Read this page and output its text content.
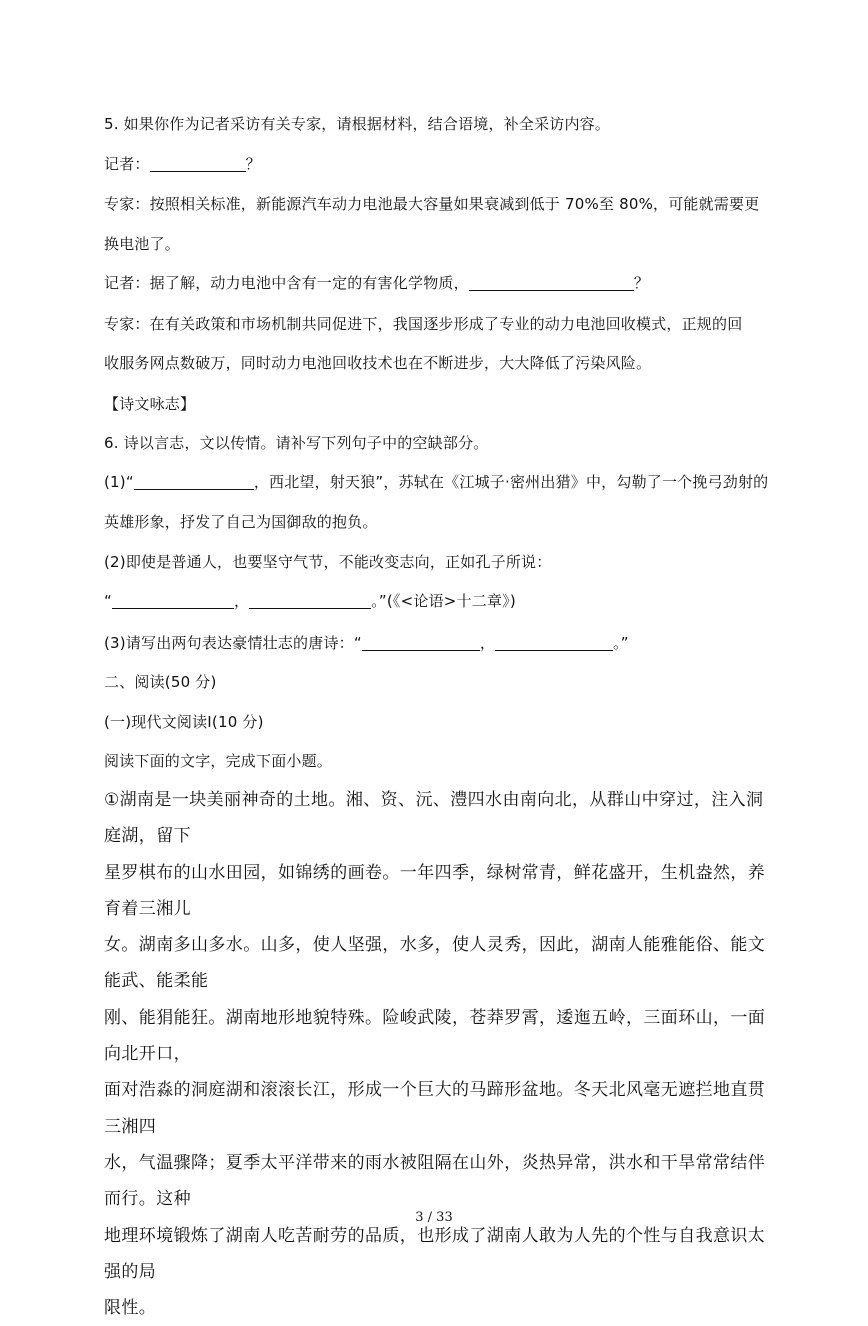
5. 如果你作为记者采访有关专家，请根据材料，结合语境，补全采访内容。
记者：	？
专家：按照相关标准，新能源汽车动力电池最大容量如果衰减到低于 70%至 80%，可能就需要更
换电池了。
记者：据了解，动力电池中含有一定的有害化学物质，	？
专家：在有关政策和市场机制共同促进下，我国逐步形成了专业的动力电池回收模式，正规的回
收服务网点数破万，同时动力电池回收技术也在不断进步，大大降低了污染风险。
【诗文咏志】
6. 诗以言志，文以传情。请补写下列句子中的空缺部分。
(1)“	，西北望，射天狼”，苏轼在《江城子·密州出猎》中，勾勒了一个挽弓劲射的
英雄形象，抒发了自己为国御敌的抱负。
(2)即使是普通人，也要坚守气节，不能改变志向，正如孔子所说：
“	，	。”(《<论语>十二章》)
(3)请写出两句表达豪情壮志的唐诗：“	，	。”
二、阅读(50 分)
(一)现代文阅读Ⅰ(10 分)
阅读下面的文字，完成下面小题。
①湖南是一块美丽神奇的土地。湘、资、沅、澧四水由南向北，从群山中穿过，注入洞庭湖，留下
星罗棋布的山水田园，如锦绣的画卷。一年四季，绿树常青，鲜花盛开，生机盎然，养育着三湘儿
女。湖南多山多水。山多，使人坚强，水多，使人灵秀，因此，湖南人能雅能俗、能文能武、能柔能
刚、能狷能狂。湖南地形地貌特殊。险峻武陵，苍莽罗霄，逶迤五岭，三面环山，一面向北开口，
面对浩淼的洞庭湖和滚滚长江，形成一个巨大的马蹄形盆地。冬天北风毫无遮拦地直贯三湘四
水，气温骤降；夏季太平洋带来的雨水被阻隔在山外，炎热异常，洪水和干旱常常结伴而行。这种
地理环境锻炼了湖南人吃苦耐劳的品质，也形成了湖南人敢为人先的个性与自我意识太强的局
限性。
3 / 33
